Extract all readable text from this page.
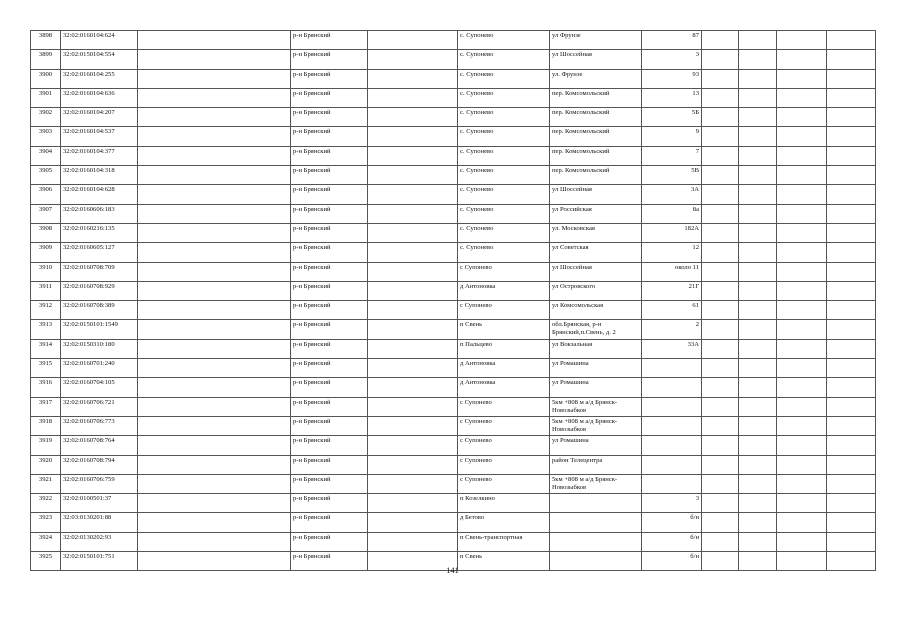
3898	32:02:0160104:624		р-н Брянский		с. Супонево	ул Фрунзе	87				
3899	32:02:0150104:554		р-н Брянский		с. Супонево	ул Шоссейная	3				
3900	32:02:0160104:255		р-н Брянский		с. Супонево	ул. Фрунзе	93				
3901	32:02:0160104:636		р-н Брянский		с. Супонево	пер. Комсомольский	13				
3902	32:02:0160104:207		р-н Брянский		с. Супонево	пер. Комсомольский	5Б				
3903	32:02:0160104:537		р-н Брянский		с. Супонево	пер. Комсомольский	9				
3904	32:02:0160104:377		р-н Брянский		с. Супонево	пер. Комсомольский	7				
3905	32:02:0160104:318		р-н Брянский		с. Супонево	пер. Комсомольский	5В				
3906	32:02:0160104:628		р-н Брянский		с. Супонево	ул Шоссейная	3А				
3907	32:02:0160606:183		р-н Брянский		с. Супонево	ул Российская	8а				
3908	32:02:0160216:135		р-н Брянский		с. Супонево	ул. Московская	182А				
3909	32:02:0160605:127		р-н Брянский		с. Супонево	ул Советская	12				
3910	32:02:0160708:709		р-н Брянский		с Супонево	ул Шоссейная	около 11				
3911	32:02:0160708:929		р-н Брянский		д Антоновка	ул Островского	21Г				
3912	32:02:0160708:389		р-н Брянский		с Супонево	ул Комсомольская	61				
3913	32:02:0150101:1549		р-н Брянский		п Свень	обл.Брянская, р-н Брянский,п.Свень, д. 2	2				
3914	32:02:0150310:180		р-н Брянский		п Пальцево	ул Вокзальная	33А				
3915	32:02:0160701:240		р-н Брянский		д Антоновка	ул Ромашина					
3916	32:02:0160704:105		р-н Брянский		д Антоновка	ул Ромашина					
3917	32:02:0160706:721		р-н Брянский		с Супонево	5км +808 м а/д Брянск-Новозыбков					
3918	32:02:0160706:773		р-н Брянский		с Супонево	5км +808 м а/д Брянск-Новозыбков					
3919	32:02:0160708:764		р-н Брянский		с Супонево	ул Ромашина					
3920	32:02:0160708:794		р-н Брянский		с Супонево	район Телецентра					
3921	32:02:0160706:759		р-н Брянский		с Супонево	5км +808 м а/д Брянск-Новозыбков					
3922	32:02:0100501:37		р-н Брянский		п Козелкино		3				
3923	32:03:0130201:88		р-н Брянский		д Бетово		б/н				
3924	32:02:0130202:93		р-н Брянский		п Свень-транспортная		б/н				
3925	32:02:0150101:751		р-н Брянский		п Свень		б/н				
141
